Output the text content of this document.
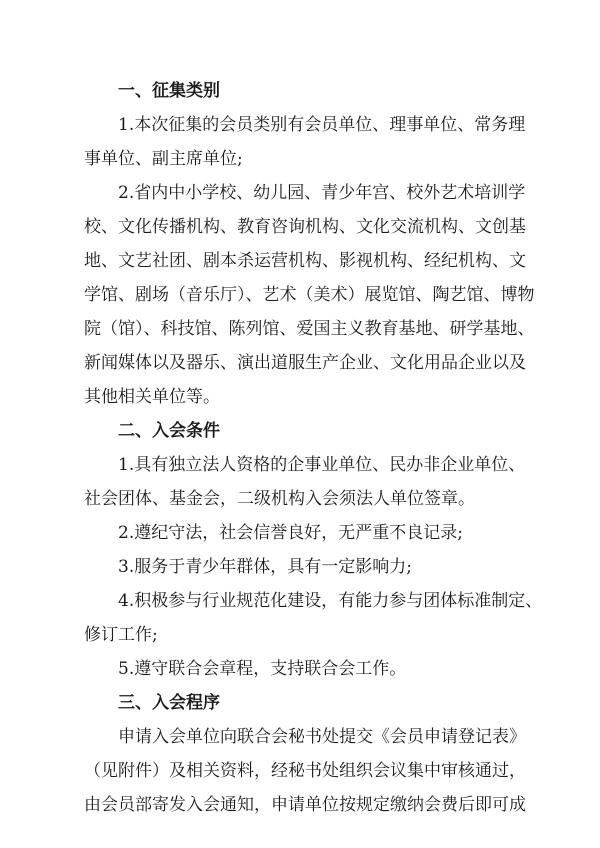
一、征集类别

1.本次征集的会员类别有会员单位、理事单位、常务理
事单位、副主席单位;

2.省内中小学校、幼儿园、青少年宫、校外艺术培训学
校、文化传播机构、教育咨询机构、文化交流机构、文创基
地、文艺社团、剧本杀运营机构、影视机构、经纪机构、文
学馆、剧场（音乐厅）、艺术（美术）展览馆、陶艺馆、博物
院（馆）、科技馆、陈列馆、爱国主义教育基地、研学基地、
新闻媒体以及器乐、演出道服生产企业、文化用品企业以及
其他相关单位等。

二、入会条件

1.具有独立法人资格的企事业单位、民办非企业单位、
社会团体、基金会，二级机构入会须法人单位签章。

2.遵纪守法，社会信誉良好，无严重不良记录;

3.服务于青少年群体，具有一定影响力;

4.积极参与行业规范化建设，有能力参与团体标准制定、
修订工作;

5.遵守联合会章程，支持联合会工作。

三、入会程序

申请入会单位向联合会秘书处提交《会员申请登记表》
（见附件）及相关资料，经秘书处组织会议集中审核通过，
由会员部寄发入会通知，申请单位按规定缴纳会费后即可成
